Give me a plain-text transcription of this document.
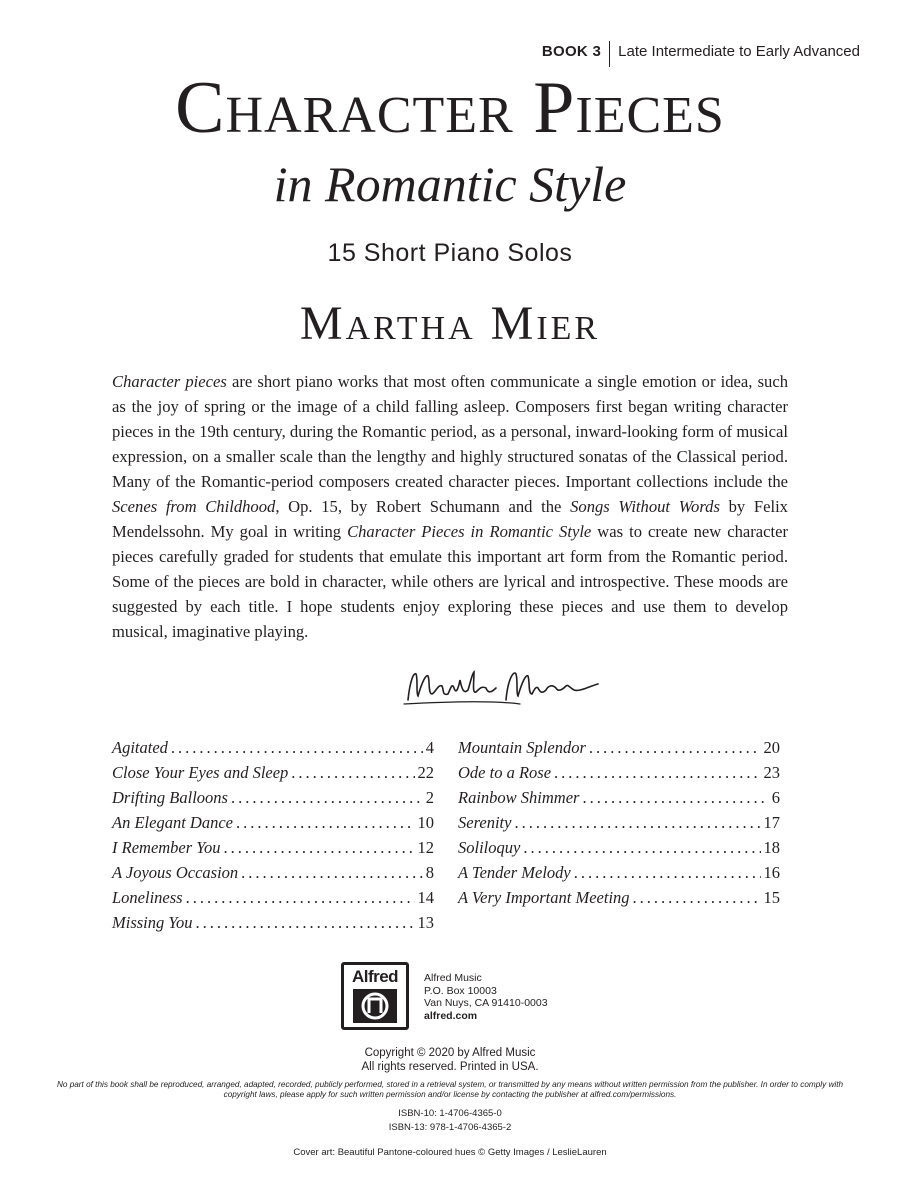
BOOK 3 Late Intermediate to Early Advanced
Character Pieces
in Romantic Style
15 Short Piano Solos
Martha Mier

Character pieces are short piano works that most often communicate a single emotion or idea, such as the joy of spring or the image of a child falling asleep. Composers first began writing character pieces in the 19th century, during the Romantic period, as a personal, inward-looking form of musical expression, on a smaller scale than the lengthy and highly structured sonatas of the Classical period. Many of the Romantic-period composers created character pieces. Important collections include the Scenes from Childhood, Op. 15, by Robert Schumann and the Songs Without Words by Felix Mendelssohn. My goal in writing Character Pieces in Romantic Style was to create new character pieces carefully graded for students that emulate this important art form from the Romantic period. Some of the pieces are bold in character, while others are lyrical and introspective. These moods are suggested by each title. I hope students enjoy exploring these pieces and use them to develop musical, imaginative playing.

Agitated .....	4
Close Your Eyes and Sleep .....	22
Drifting Balloons .....	2
An Elegant Dance .....	10
I Remember You .....	12
A Joyous Occasion .....	8
Loneliness .....	14
Missing You .....	13
Mountain Splendor .....	20
Ode to a Rose .....	23
Rainbow Shimmer .....	6
Serenity .....	17
Soliloquy .....	18
A Tender Melody .....	16
A Very Important Meeting .....	15
Alfred Alfred Music
P.O. Box 10003
Van Nuys, CA 91410-0003
alfred.com
Copyright © 2020 by Alfred Music
All rights reserved. Printed in USA.
No part of this book shall be reproduced, arranged, adapted, recorded, publicly performed, stored in a retrieval system, or transmitted by any means without written permission from the publisher. In order to comply with copyright laws, please apply for such written permission and/or license by contacting the publisher at alfred.com/permissions.
ISBN-10: 1-4706-4365-0
ISBN-13: 978-1-4706-4365-2
Cover art: Beautiful Pantone-coloured hues © Getty Images / LeslieLauren
